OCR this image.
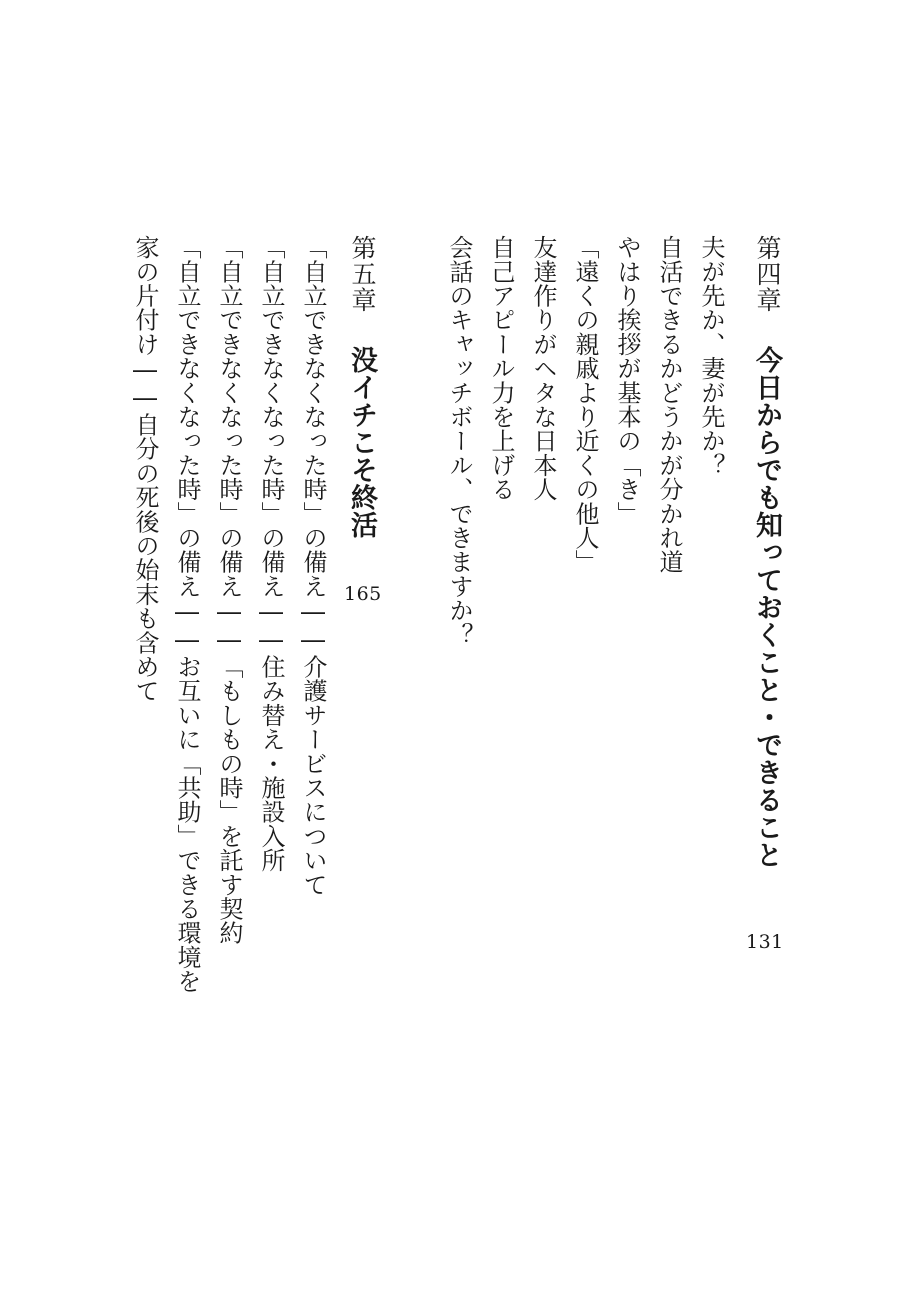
第四章
今日からでも知っておくこと・できること
131
夫が先か、妻が先か？
自活できるかどうかが分かれ道
やはり挨拶が基本の「き」
「遠くの親戚より近くの他人」
友達作りがヘタな日本人
自己アピール力を上げる
会話のキャッチボール、できますか？
第五章
没イチこそ終活
165
「自立できなくなった時」の備え――介護サービスについて
「自立できなくなった時」の備え――住み替え・施設入所
「自立できなくなった時」の備え――「もしもの時」を託す契約
「自立できなくなった時」の備え――お互いに「共助」できる環境を
家の片付け――自分の死後の始末も含めて
